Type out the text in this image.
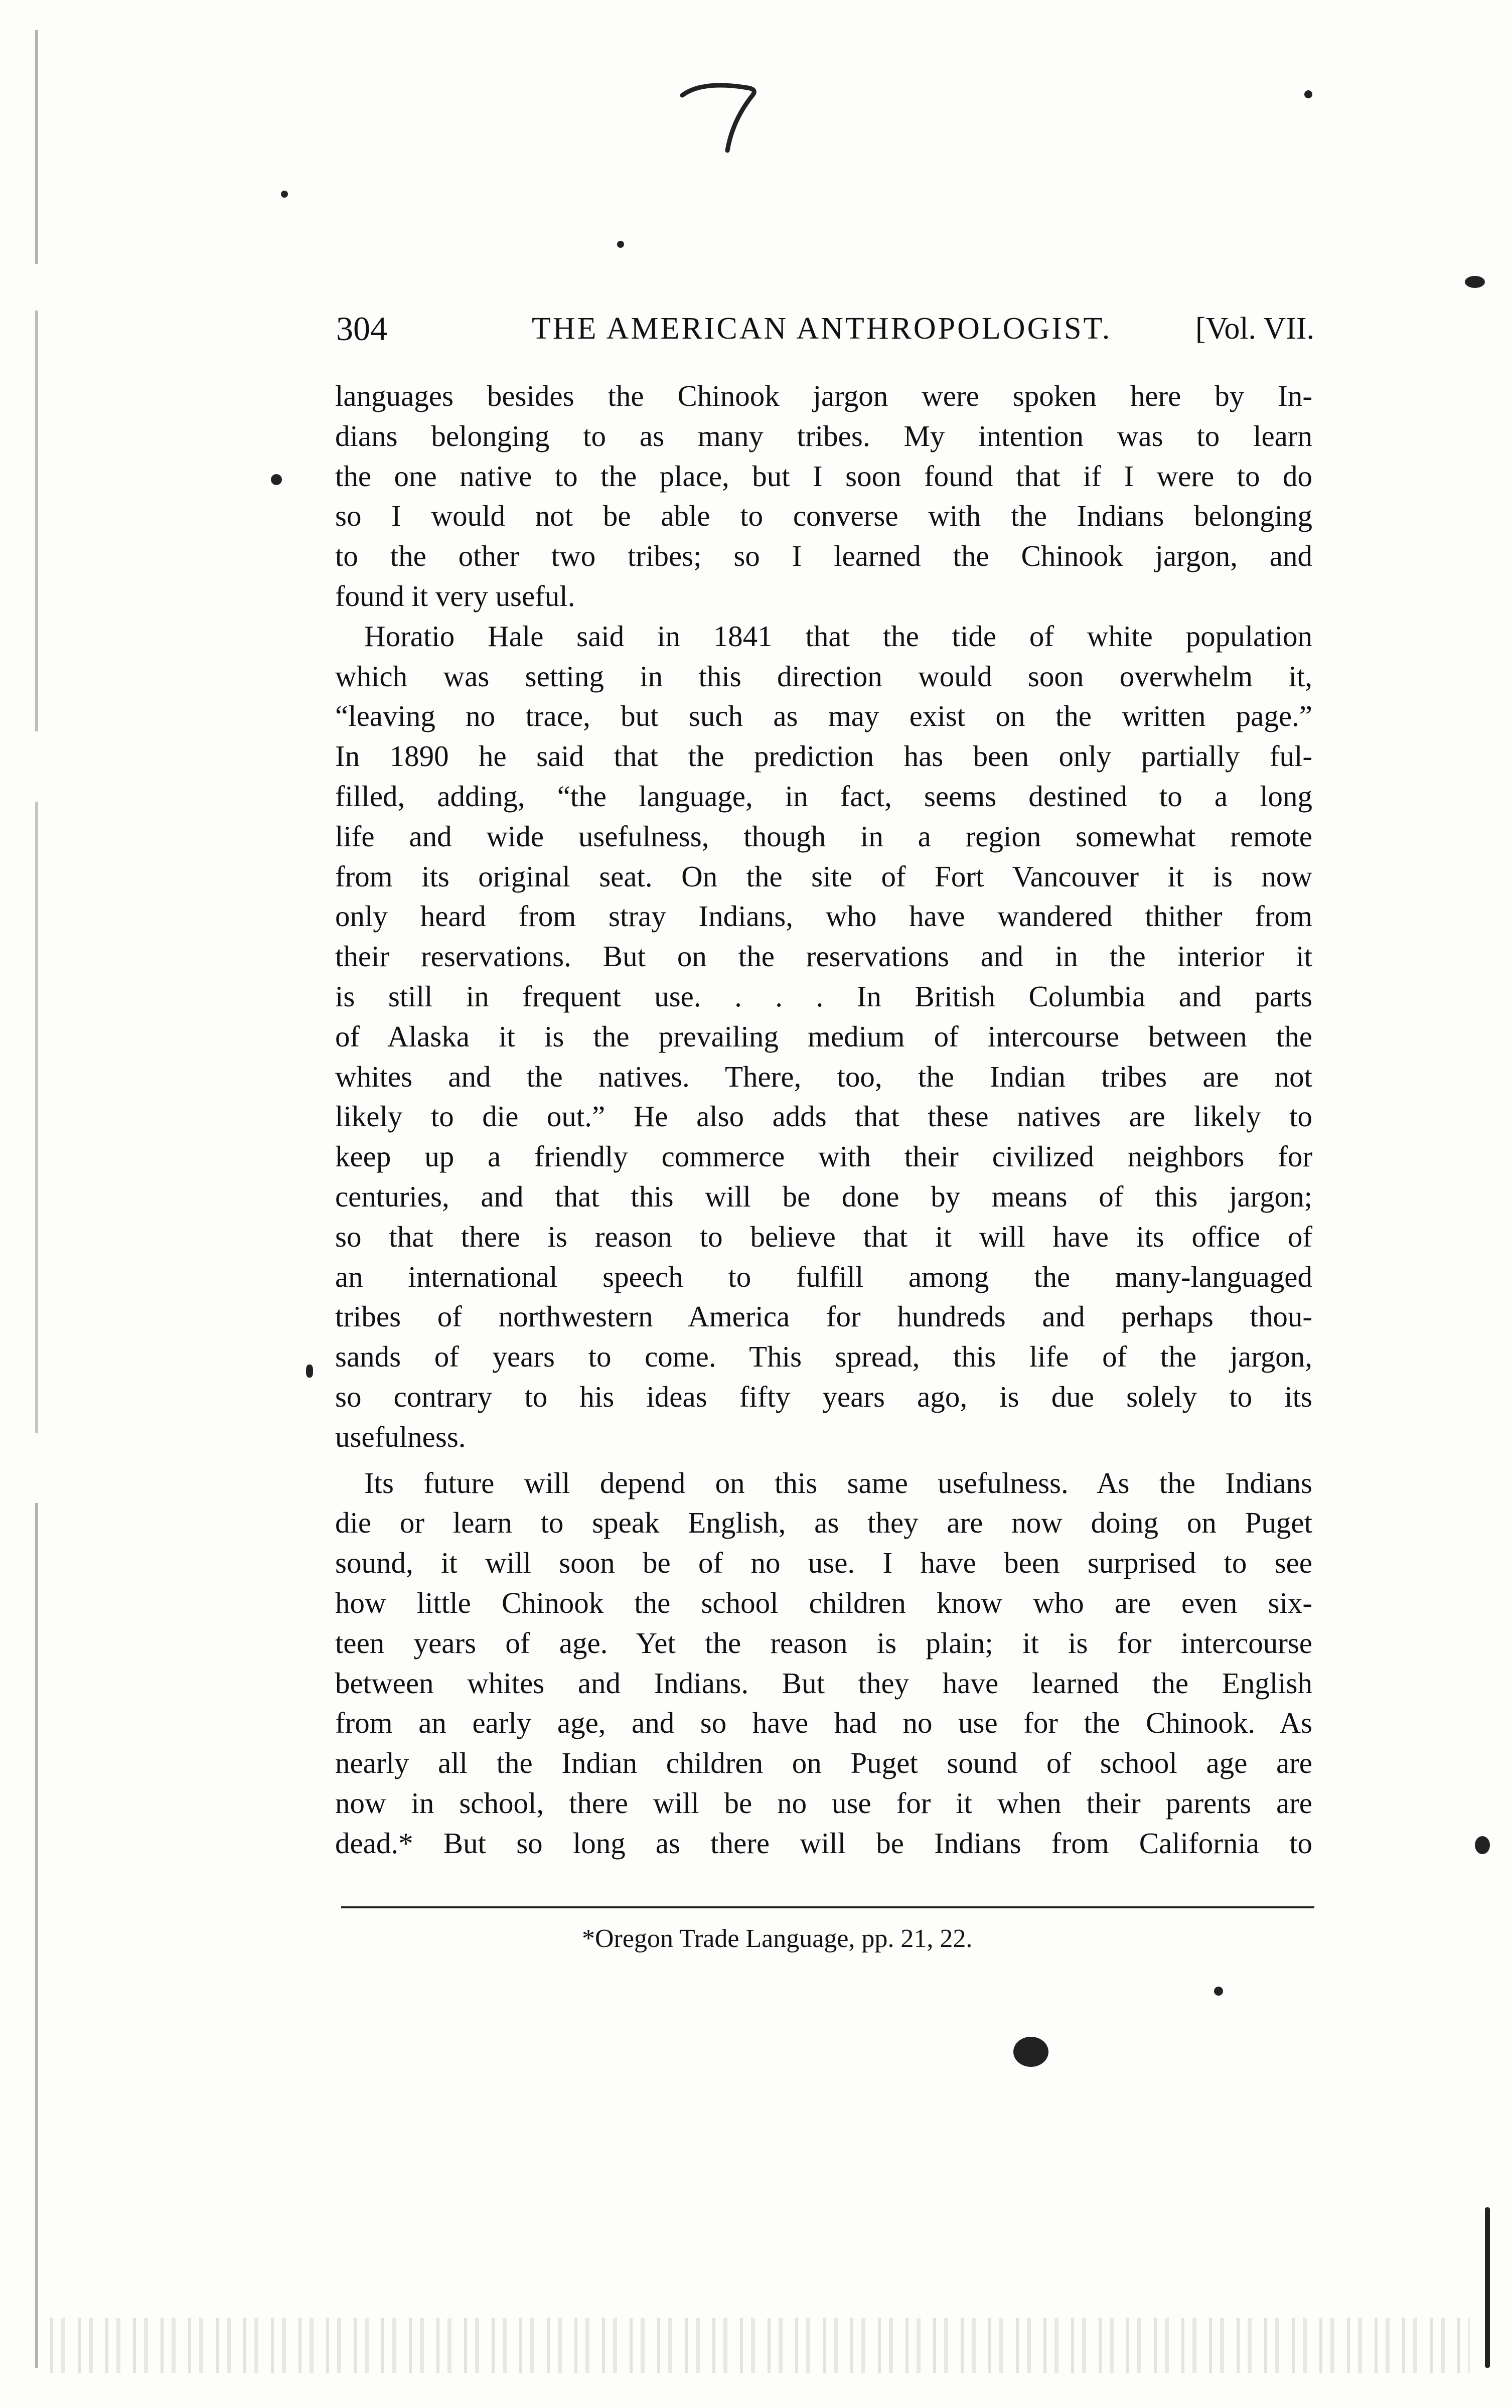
304	THE AMERICAN ANTHROPOLOGIST.	[Vol. VII.
languages besides the Chinook jargon were spoken here by In-
dians belonging to as many tribes. My intention was to learn
the one native to the place, but I soon found that if I were to do
so I would not be able to converse with the Indians belonging
to the other two tribes; so I learned the Chinook jargon, and
found it very useful.
Horatio Hale said in 1841 that the tide of white population
which was setting in this direction would soon overwhelm it,
“leaving no trace, but such as may exist on the written page.”
In 1890 he said that the prediction has been only partially ful-
filled, adding, “the language, in fact, seems destined to a long
life and wide usefulness, though in a region somewhat remote
from its original seat. On the site of Fort Vancouver it is now
only heard from stray Indians, who have wandered thither from
their reservations. But on the reservations and in the interior it
is still in frequent use. . . . In British Columbia and parts
of Alaska it is the prevailing medium of intercourse between the
whites and the natives. There, too, the Indian tribes are not
likely to die out.” He also adds that these natives are likely to
keep up a friendly commerce with their civilized neighbors for
centuries, and that this will be done by means of this jargon;
so that there is reason to believe that it will have its office of
an international speech to fulfill among the many-languaged
tribes of northwestern America for hundreds and perhaps thou-
sands of years to come. This spread, this life of the jargon,
so contrary to his ideas fifty years ago, is due solely to its
usefulness.
Its future will depend on this same usefulness. As the Indians
die or learn to speak English, as they are now doing on Puget
sound, it will soon be of no use. I have been surprised to see
how little Chinook the school children know who are even six-
teen years of age. Yet the reason is plain; it is for intercourse
between whites and Indians. But they have learned the English
from an early age, and so have had no use for the Chinook. As
nearly all the Indian children on Puget sound of school age are
now in school, there will be no use for it when their parents are
dead.* But so long as there will be Indians from California to
*Oregon Trade Language, pp. 21, 22.
